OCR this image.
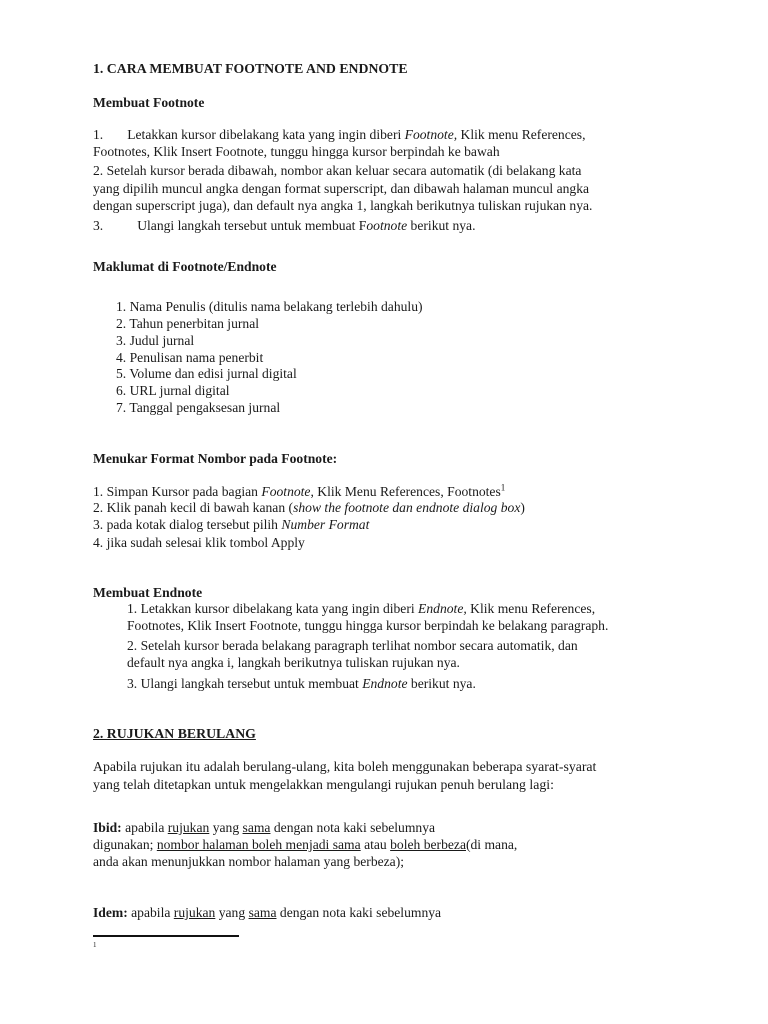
1. CARA MEMBUAT FOOTNOTE AND ENDNOTE
Membuat Footnote
1. Letakkan kursor dibelakang kata yang ingin diberi Footnote, Klik menu References,
Footnotes, Klik Insert Footnote, tunggu hingga kursor berpindah ke bawah
2. Setelah kursor berada dibawah, nombor akan keluar secara automatik (di belakang kata
yang dipilih muncul angka dengan format superscript, dan dibawah halaman muncul angka
dengan superscript juga), dan default nya angka 1, langkah berikutnya tuliskan rujukan nya.
3.	Ulangi langkah tersebut untuk membuat Footnote berikut nya.
Maklumat di Footnote/Endnote
1. Nama Penulis (ditulis nama belakang terlebih dahulu)
2. Tahun penerbitan jurnal
3. Judul jurnal
4. Penulisan nama penerbit
5. Volume dan edisi jurnal digital
6. URL jurnal digital
7. Tanggal pengaksesan jurnal
Menukar Format Nombor pada Footnote:
1. Simpan Kursor pada bagian Footnote, Klik Menu References, Footnotes$^1$
2. Klik panah kecil di bawah kanan (show the footnote dan endnote dialog box)
3. pada kotak dialog tersebut pilih Number Format
4. jika sudah selesai klik tombol Apply
Membuat Endnote
1. Letakkan kursor dibelakang kata yang ingin diberi Endnote, Klik menu References,
Footnotes, Klik Insert Footnote, tunggu hingga kursor berpindah ke belakang paragraph.
2. Setelah kursor berada belakang paragraph terlihat nombor secara automatik, dan
default nya angka i, langkah berikutnya tuliskan rujukan nya.
3. Ulangi langkah tersebut untuk membuat Endnote berikut nya.
2. RUJUKAN BERULANG
Apabila rujukan itu adalah berulang-ulang, kita boleh menggunakan beberapa syarat-syarat
yang telah ditetapkan untuk mengelakkan mengulangi rujukan penuh berulang lagi:
Ibid: apabila rujukan yang sama dengan nota kaki sebelumnya
digunakan; nombor halaman boleh menjadi sama atau boleh berbeza(di mana,
anda akan menunjukkan nombor halaman yang berbeza);
Idem: apabila rujukan yang sama dengan nota kaki sebelumnya
1
